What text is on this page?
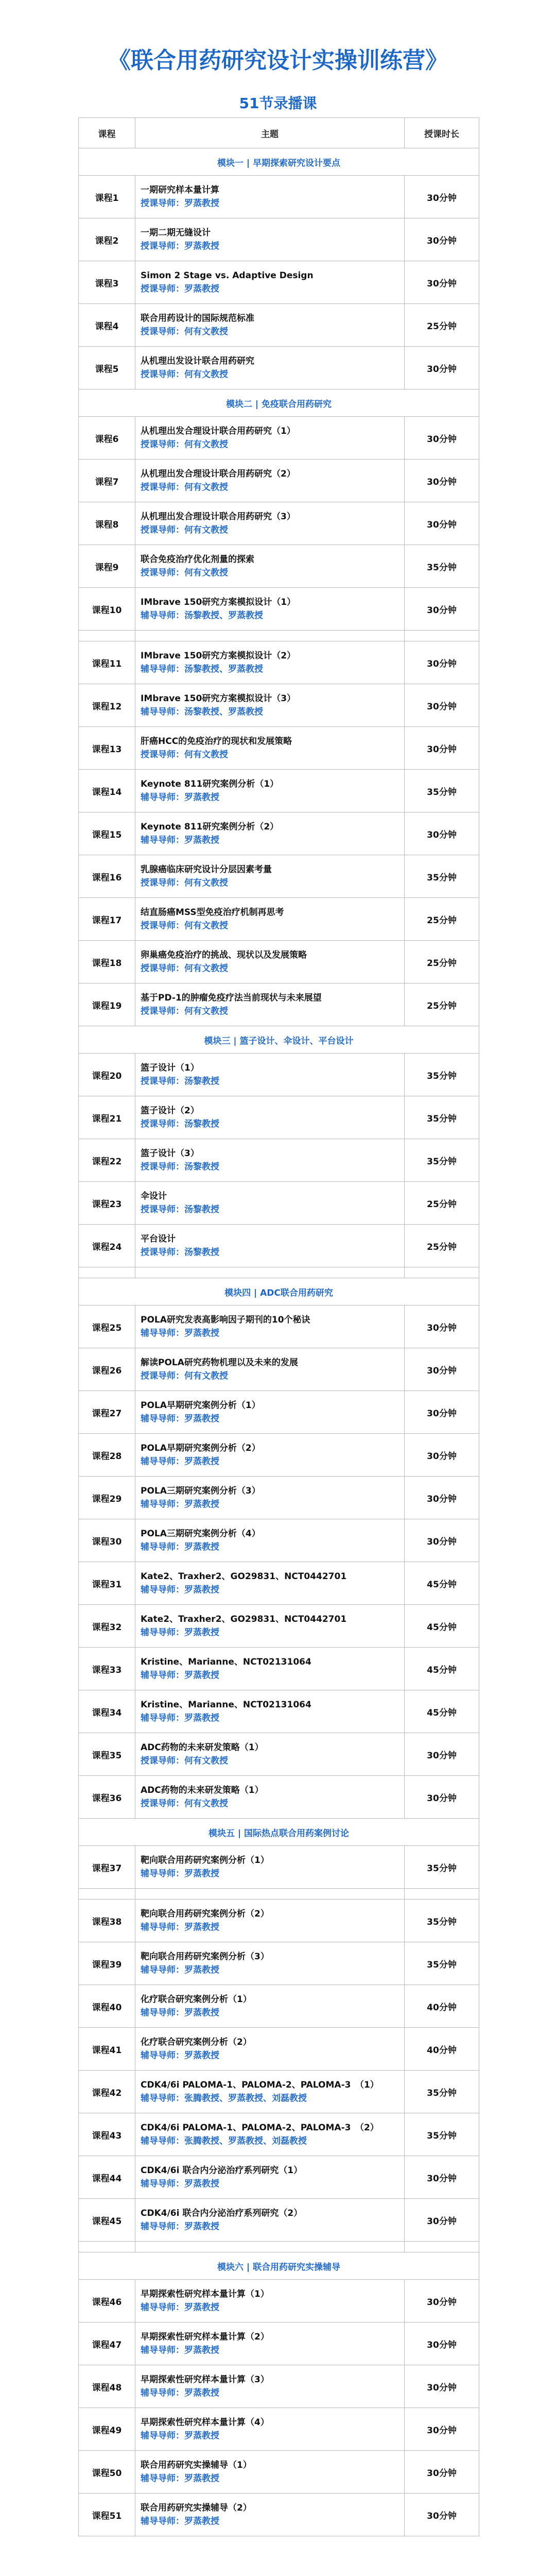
《联合用药研究设计实操训练营》
51节录播课
课程	主题	授课时长
模块一 | 早期探索研究设计要点		
课程1	一期研究样本量计算
授课导师：罗蒸教授	30分钟
课程2	一期二期无缝设计
授课导师：罗蒸教授	30分钟
课程3	Simon 2 Stage vs. Adaptive Design
授课导师：罗蒸教授	30分钟
课程4	联合用药设计的国际规范标准
授课导师：何有文教授	25分钟
课程5	从机理出发设计联合用药研究
授课导师：何有文教授	30分钟
模块二 | 免疫联合用药研究		
课程6	从机理出发合理设计联合用药研究（1）
授课导师：何有文教授	30分钟
课程7	从机理出发合理设计联合用药研究（2）
授课导师：何有文教授	30分钟
课程8	从机理出发合理设计联合用药研究（3）
授课导师：何有文教授	30分钟
课程9	联合免疫治疗优化剂量的探索
授课导师：何有文教授	35分钟
课程10	IMbrave 150研究方案模拟设计（1）
辅导导师：汤黎教授、罗蒸教授	30分钟

课程11	IMbrave 150研究方案模拟设计（2）
辅导导师：汤黎教授、罗蒸教授	30分钟
课程12	IMbrave 150研究方案模拟设计（3）
辅导导师：汤黎教授、罗蒸教授	30分钟
课程13	肝癌HCC的免疫治疗的现状和发展策略
授课导师：何有文教授	30分钟
课程14	Keynote 811研究案例分析（1）
辅导导师：罗蒸教授	35分钟
课程15	Keynote 811研究案例分析（2）
辅导导师：罗蒸教授	30分钟
课程16	乳腺癌临床研究设计分层因素考量
授课导师：何有文教授	35分钟
课程17	结直肠癌MSS型免疫治疗机制再思考
授课导师：何有文教授	25分钟
课程18	卵巢癌免疫治疗的挑战、现状以及发展策略
授课导师：何有文教授	25分钟
课程19	基于PD-1的肿瘤免疫疗法当前现状与未来展望
授课导师：何有文教授	25分钟
模块三 | 篮子设计、伞设计、平台设计		
课程20	篮子设计（1）
授课导师：汤黎教授	35分钟
课程21	篮子设计（2）
授课导师：汤黎教授	35分钟
课程22	篮子设计（3）
授课导师：汤黎教授	35分钟
课程23	伞设计
授课导师：汤黎教授	25分钟
课程24	平台设计
授课导师：汤黎教授	25分钟

模块四 | ADC联合用药研究		
课程25	POLA研究发表高影响因子期刊的10个秘诀
辅导导师：罗蒸教授	30分钟
课程26	解读POLA研究药物机理以及未来的发展
授课导师：何有文教授	30分钟
课程27	POLA早期研究案例分析（1）
辅导导师：罗蒸教授	30分钟
课程28	POLA早期研究案例分析（2）
辅导导师：罗蒸教授	30分钟
课程29	POLA三期研究案例分析（3）
辅导导师：罗蒸教授	30分钟
课程30	POLA三期研究案例分析（4）
辅导导师：罗蒸教授	30分钟
课程31	Kate2、Traxher2、GO29831、NCT0442701
辅导导师：罗蒸教授	45分钟
课程32	Kate2、Traxher2、GO29831、NCT0442701
辅导导师：罗蒸教授	45分钟
课程33	Kristine、Marianne、NCT02131064
辅导导师：罗蒸教授	45分钟
课程34	Kristine、Marianne、NCT02131064
辅导导师：罗蒸教授	45分钟
课程35	ADC药物的未来研发策略（1）
授课导师：何有文教授	30分钟
课程36	ADC药物的未来研发策略（1）
授课导师：何有文教授	30分钟
模块五 | 国际热点联合用药案例讨论		
课程37	靶向联合用药研究案例分析（1）
辅导导师：罗蒸教授	35分钟

课程38	靶向联合用药研究案例分析（2）
辅导导师：罗蒸教授	35分钟
课程39	靶向联合用药研究案例分析（3）
辅导导师：罗蒸教授	35分钟
课程40	化疗联合研究案例分析（1）
辅导导师：罗蒸教授	40分钟
课程41	化疗联合研究案例分析（2）
辅导导师：罗蒸教授	40分钟
课程42	CDK4/6i PALOMA-1、PALOMA-2、PALOMA-3　（1）
辅导导师：张腾教授、罗蒸教授、刘磊教授	35分钟
课程43	CDK4/6i PALOMA-1、PALOMA-2、PALOMA-3　（2）
辅导导师：张腾教授、罗蒸教授、刘磊教授	35分钟
课程44	CDK4/6i 联合内分泌治疗系列研究（1）
辅导导师：罗蒸教授	30分钟
课程45	CDK4/6i 联合内分泌治疗系列研究（2）
辅导导师：罗蒸教授	30分钟

模块六 | 联合用药研究实操辅导		
课程46	早期探索性研究样本量计算（1）
辅导导师：罗蒸教授	30分钟
课程47	早期探索性研究样本量计算（2）
辅导导师：罗蒸教授	30分钟
课程48	早期探索性研究样本量计算（3）
辅导导师：罗蒸教授	30分钟
课程49	早期探索性研究样本量计算（4）
辅导导师：罗蒸教授	30分钟
课程50	联合用药研究实操辅导（1）
辅导导师：罗蒸教授	30分钟
课程51	联合用药研究实操辅导（2）
辅导导师：罗蒸教授	30分钟
